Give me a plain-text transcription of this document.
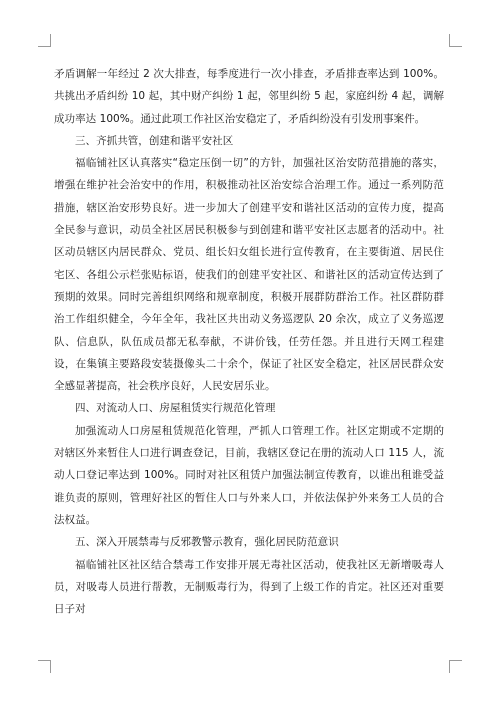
矛盾调解一年经过 2 次大排查，每季度进行一次小排查，矛盾排查率达到 100%。共挑出矛盾纠纷 10 起，其中财产纠纷 1 起，邻里纠纷 5 起，家庭纠纷 4 起，调解成功率达 100%。通过此项工作社区治安稳定了，矛盾纠纷没有引发刑事案件。

三、齐抓共管，创建和谐平安社区

福临铺社区认真落实“稳定压倒一切”的方针，加强社区治安防范措施的落实，增强在维护社会治安中的作用，积极推动社区治安综合治理工作。通过一系列防范措施，辖区治安形势良好。进一步加大了创建平安和谐社区活动的宣传力度，提高全民参与意识，动员全社区居民积极参与到创建和谐平安社区志愿者的活动中。社区动员辖区内居民群众、党员、组长妇女组长进行宣传教育，在主要街道、居民住宅区、各组公示栏张贴标语，使我们的创建平安社区、和谐社区的活动宣传达到了预期的效果。同时完善组织网络和规章制度，积极开展群防群治工作。社区群防群治工作组织健全，今年全年，我社区共出动义务巡逻队 20 余次，成立了义务巡逻队、信息队，队伍成员都无私奉献，不讲价钱，任劳任怨。并且进行天网工程建设，在集镇主要路段安装摄像头二十余个，保证了社区安全稳定，社区居民群众安全感显著提高，社会秩序良好，人民安居乐业。

四、对流动人口、房屋租赁实行规范化管理

加强流动人口房屋租赁规范化管理，严抓人口管理工作。社区定期或不定期的对辖区外来暂住人口进行调查登记，目前，我辖区登记在册的流动人口 115 人，流动人口登记率达到 100%。同时对社区租赁户加强法制宣传教育，以谁出租谁受益谁负责的原则，管理好社区的暂住人口与外来人口，并依法保护外来务工人员的合法权益。

五、深入开展禁毒与反邪教警示教育，强化居民防范意识

福临铺社区社区结合禁毒工作安排开展无毒社区活动，使我社区无新增吸毒人员，对吸毒人员进行帮教，无制贩毒行为，得到了上级工作的肯定。社区还对重要日子对
